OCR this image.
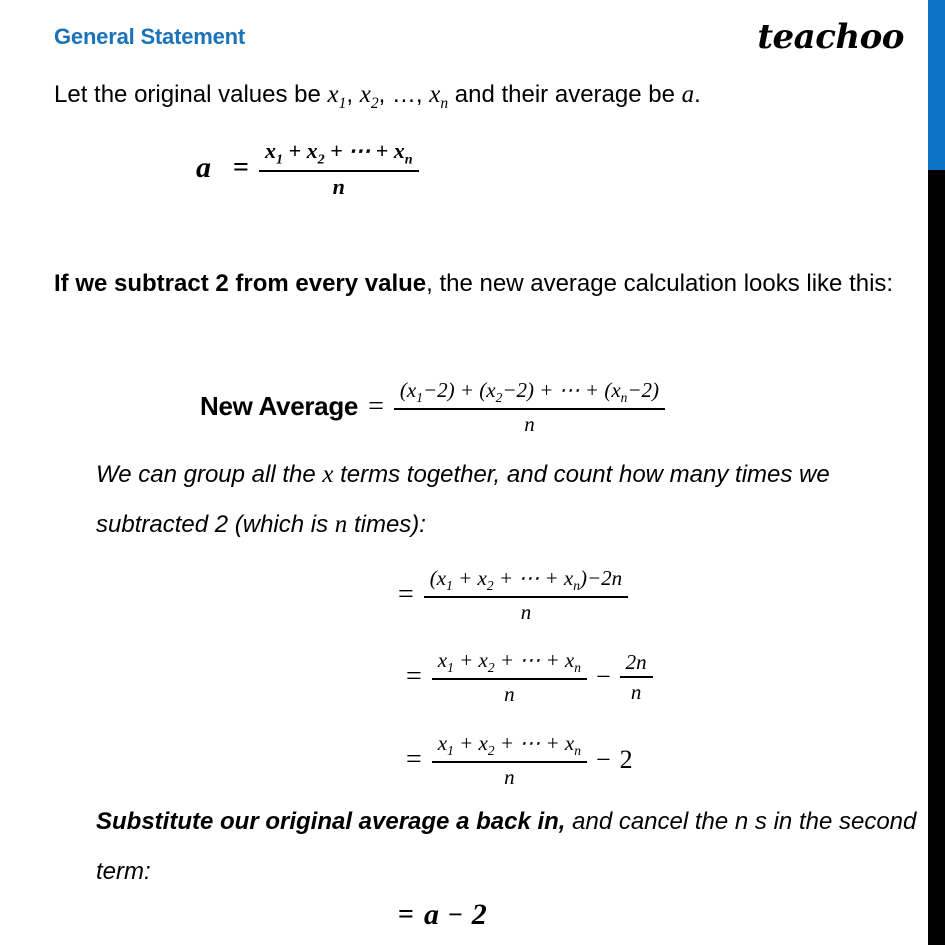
General Statement	teachoo
Let the original values be $x_1$, $x_2$, …, $x_n$ and their average be a.
a =
$x_1 + x_2$ + ⋯ + $x_n$
n
If we subtract 2 from every value, the new average calculation looks like this:
New Average =
$(x_1-2) + (x_2-2)$ + ⋯ + $(x_n-2)$
n
We can group all the x terms together, and count how many times we subtracted 2 (which is n times):
=
($x_1 + x_2$ + ⋯ + $x_n)-2n$
n
=
$x_1 + x_2$ + ⋯ + $x_n$
n
− $\frac{2n}{n}$
=
$x_1 + x_2$ + ⋯ + $x_n$
n
− 2
Substitute our original average a back in, and cancel the n s in the second term:
= a − 2
